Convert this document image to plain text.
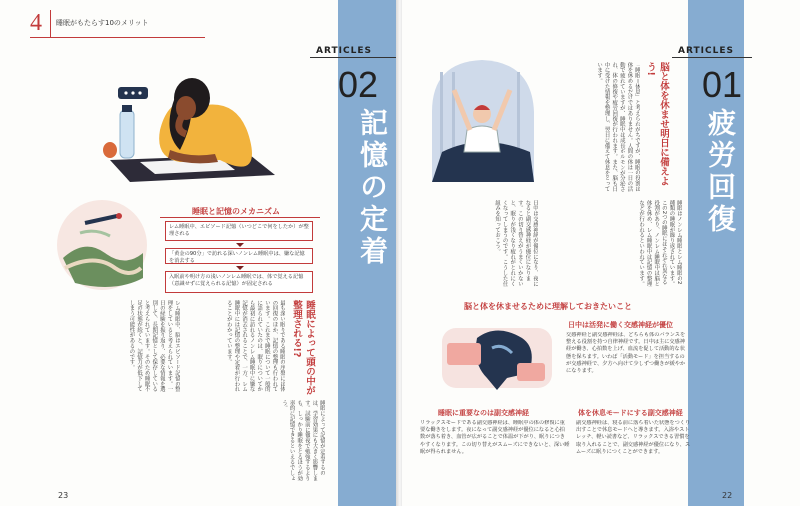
4 睡眠がもたらす10のメリット
記憶の定着
ARTICLES
02
睡眠と記憶のメカニズム
レム睡眠中、エピソード記憶（いつどこで何をしたか）が整理される
「黄金の90分」で訪れる深いノンレム睡眠中は、嫌な記憶を消去する
入眠前や明け方の浅いノンレム睡眠では、体で覚える記憶（意識せずに覚えられる記憶）が固定される
睡眠によって頭の中が整理される!?
最も深い眠りである睡眠の序盤には体の回復のほか、記憶の整理も行われています。これまで睡眠について一般的に語られていたのは、眠りについてから最初に訪れるノンレム睡眠中に嫌な記憶が消去されることで、一方、レム睡眠中には記憶の整理や定着が行われることがわかっています。
レム睡眠中、脳はエピソード記憶の整理をしていると考えられています。一日の経験を振り返り、必要な情報を選別して、長期記憶として保存していると考えられています。そのため睡眠不足の状態が続くと、記憶力が低下してしまう可能性があるのです。
睡眠によって記憶が定着するのは、学習効果にも大きく影響します。試験前に徹夜で勉強するよりも、しっかり睡眠をとるほうが効率的に記憶できるといえるでしょう。
23
疲労回復
ARTICLES
01
脳と体を休ませ明日に備えよう!
「睡眠＝休息」と考えられがちですが、睡眠の役割は体を休めるだけではありません。人間の体は一日の活動で疲れていますが、睡眠中は成長ホルモンが分泌され、体の修復や疲労回復が行われます。また、脳も日中に受けた情報を整理し、翌日に備えて休息をとっています。
睡眠はノンレム睡眠とレム睡眠の2種類の睡眠が繰り返されています。この2つの睡眠にはそれぞれ異なる役割があり、ノンレム睡眠中は脳と体を休め、レム睡眠中は記憶の整理などが行われるといわれています。
日中は交感神経が優位になり、夜になると副交感神経が優位になります。この切り替えがうまくいかないと、眠りが浅くなり疲れがとれにくくなってしまうのです。こうした仕組みを知っておこう。
脳と体を休ませるために理解しておきたいこと
日中は活発に働く交感神経が優位
交感神経と副交感神経は、どちらも体のバランスを整える役割を持つ自律神経です。日中は主に交感神経が働き、心拍数を上げ、血流を促して活動的な状態を保ちます。いわば「活動モード」を担当するのが交感神経で、夕方へ向けて少しずつ働きが緩やかになります。
睡眠に重要なのは副交感神経
リラックスモードである副交感神経は、睡眠中の体の修復に重要な働きをします。夜になって副交感神経が優位になると心拍数が落ち着き、血管が広がることで体温が下がり、眠りにつきやすくなります。この切り替えがスムーズにできないと、深い睡眠が得られません。
体を休息モードにする副交感神経
副交感神経は、寝る前に落ち着いた状態をつくり出すことで休息モードへと導きます。入浴やストレッチ、軽い読書など、リラックスできる習慣を取り入れることで、副交感神経が優位になり、スムーズに眠りにつくことができます。
22
